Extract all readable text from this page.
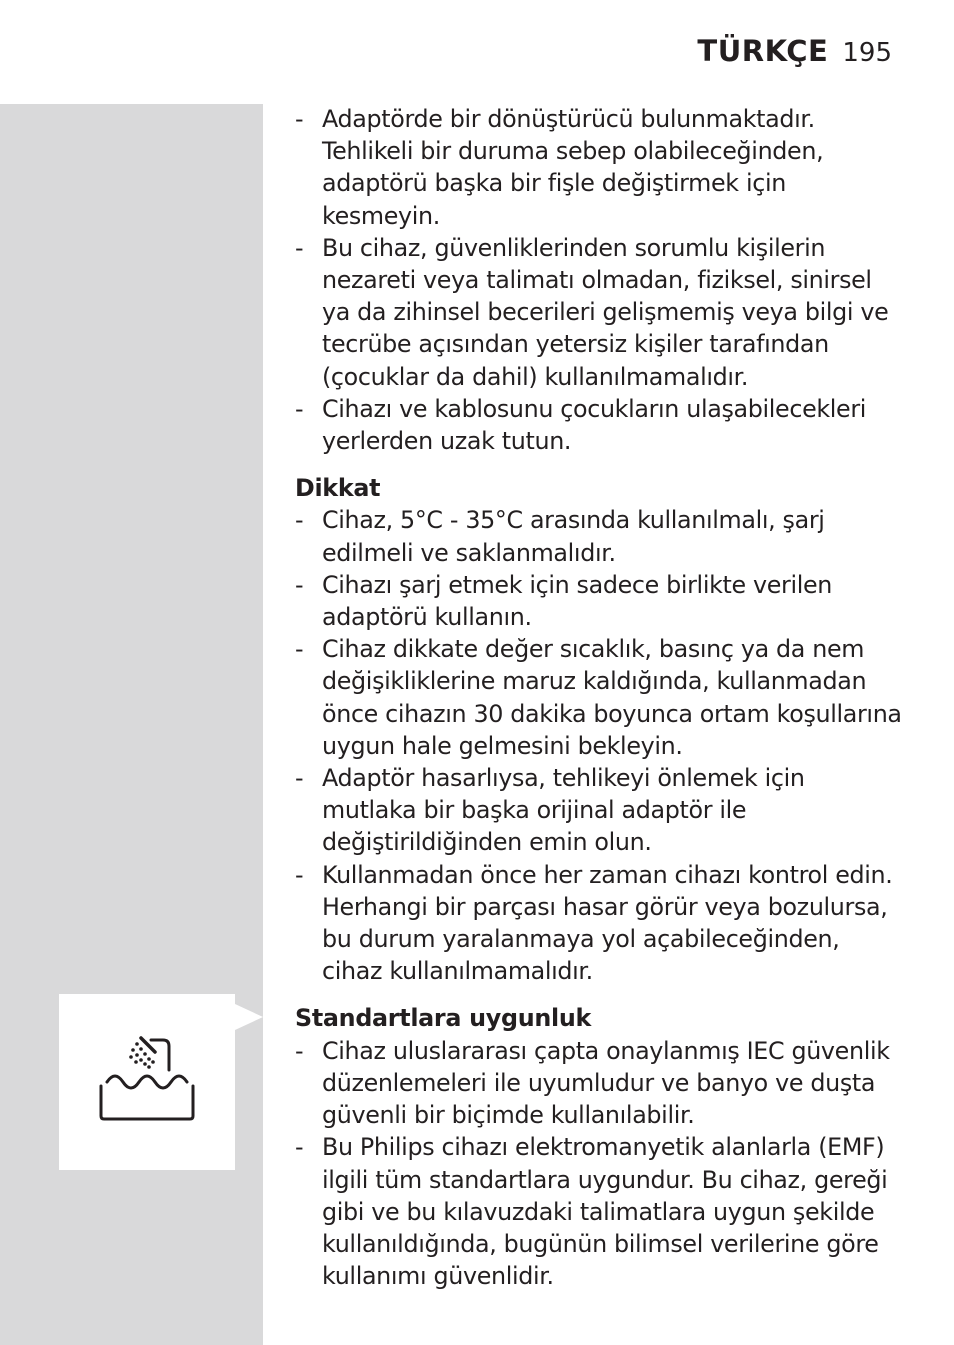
TÜRKÇE 195
- Adaptörde bir dönüştürücü bulunmaktadır. Tehlikeli bir duruma sebep olabileceğinden, adaptörü başka bir fişle değiştirmek için kesmeyin.
- Bu cihaz, güvenliklerinden sorumlu kişilerin nezareti veya talimatı olmadan, fiziksel, sinirsel ya da zihinsel becerileri gelişmemiş veya bilgi ve tecrübe açısından yetersiz kişiler tarafından (çocuklar da dahil) kullanılmamalıdır.
- Cihazı ve kablosunu çocukların ulaşabilecekleri yerlerden uzak tutun.
Dikkat
- Cihaz, 5°C - 35°C arasında kullanılmalı, şarj edilmeli ve saklanmalıdır.
- Cihazı şarj etmek için sadece birlikte verilen adaptörü kullanın.
- Cihaz dikkate değer sıcaklık, basınç ya da nem değişikliklerine maruz kaldığında, kullanmadan önce cihazın 30 dakika boyunca ortam koşullarına uygun hale gelmesini bekleyin.
- Adaptör hasarlıysa, tehlikeyi önlemek için mutlaka bir başka orijinal adaptör ile değiştirildiğinden emin olun.
- Kullanmadan önce her zaman cihazı kontrol edin. Herhangi bir parçası hasar görür veya bozulursa, bu durum yaralanmaya yol açabileceğinden, cihaz kullanılmamalıdır.
Standartlara uygunluk
- Cihaz uluslararası çapta onaylanmış IEC güvenlik düzenlemeleri ile uyumludur ve banyo ve duşta güvenli bir biçimde kullanılabilir.
- Bu Philips cihazı elektromanyetik alanlarla (EMF) ilgili tüm standartlara uygundur. Bu cihaz, gereği gibi ve bu kılavuzdaki talimatlara uygun şekilde kullanıldığında, bugünün bilimsel verilerine göre kullanımı güvenlidir.
